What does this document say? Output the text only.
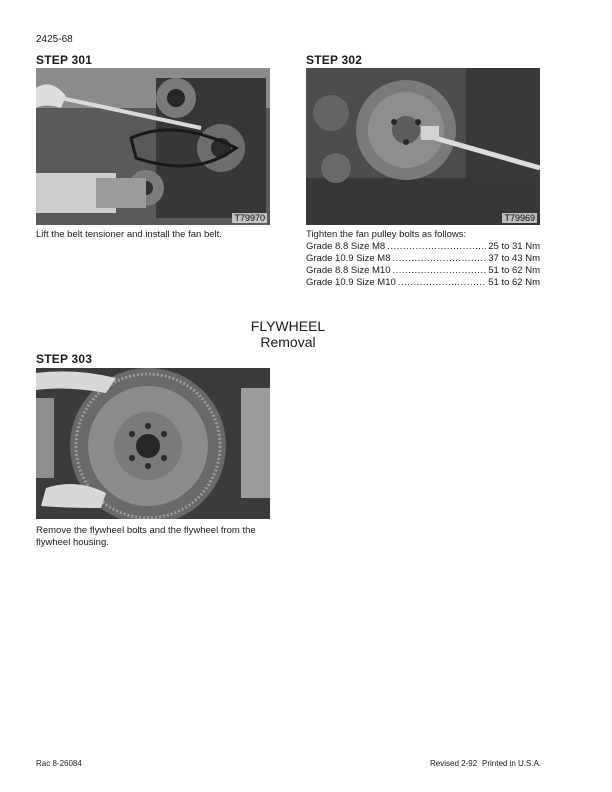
2425-68
STEP 301
T79970
Lift the belt tensioner and install the fan belt.
STEP 302
T79969
Tighten the fan pulley bolts as follows:
Grade 8.8 Size M8 .....	25 to 31 Nm
Grade 10.9 Size M8 .....	37 to 43 Nm
Grade 8.8 Size M10 .....	51 to 62 Nm
Grade 10.9 Size M10 .....	51 to 62 Nm
FLYWHEEL
Removal
STEP 303
Remove the flywheel bolts and the flywheel from the flywheel housing.
Rac 8-26084	Revised 2-92 Printed in U.S.A.
